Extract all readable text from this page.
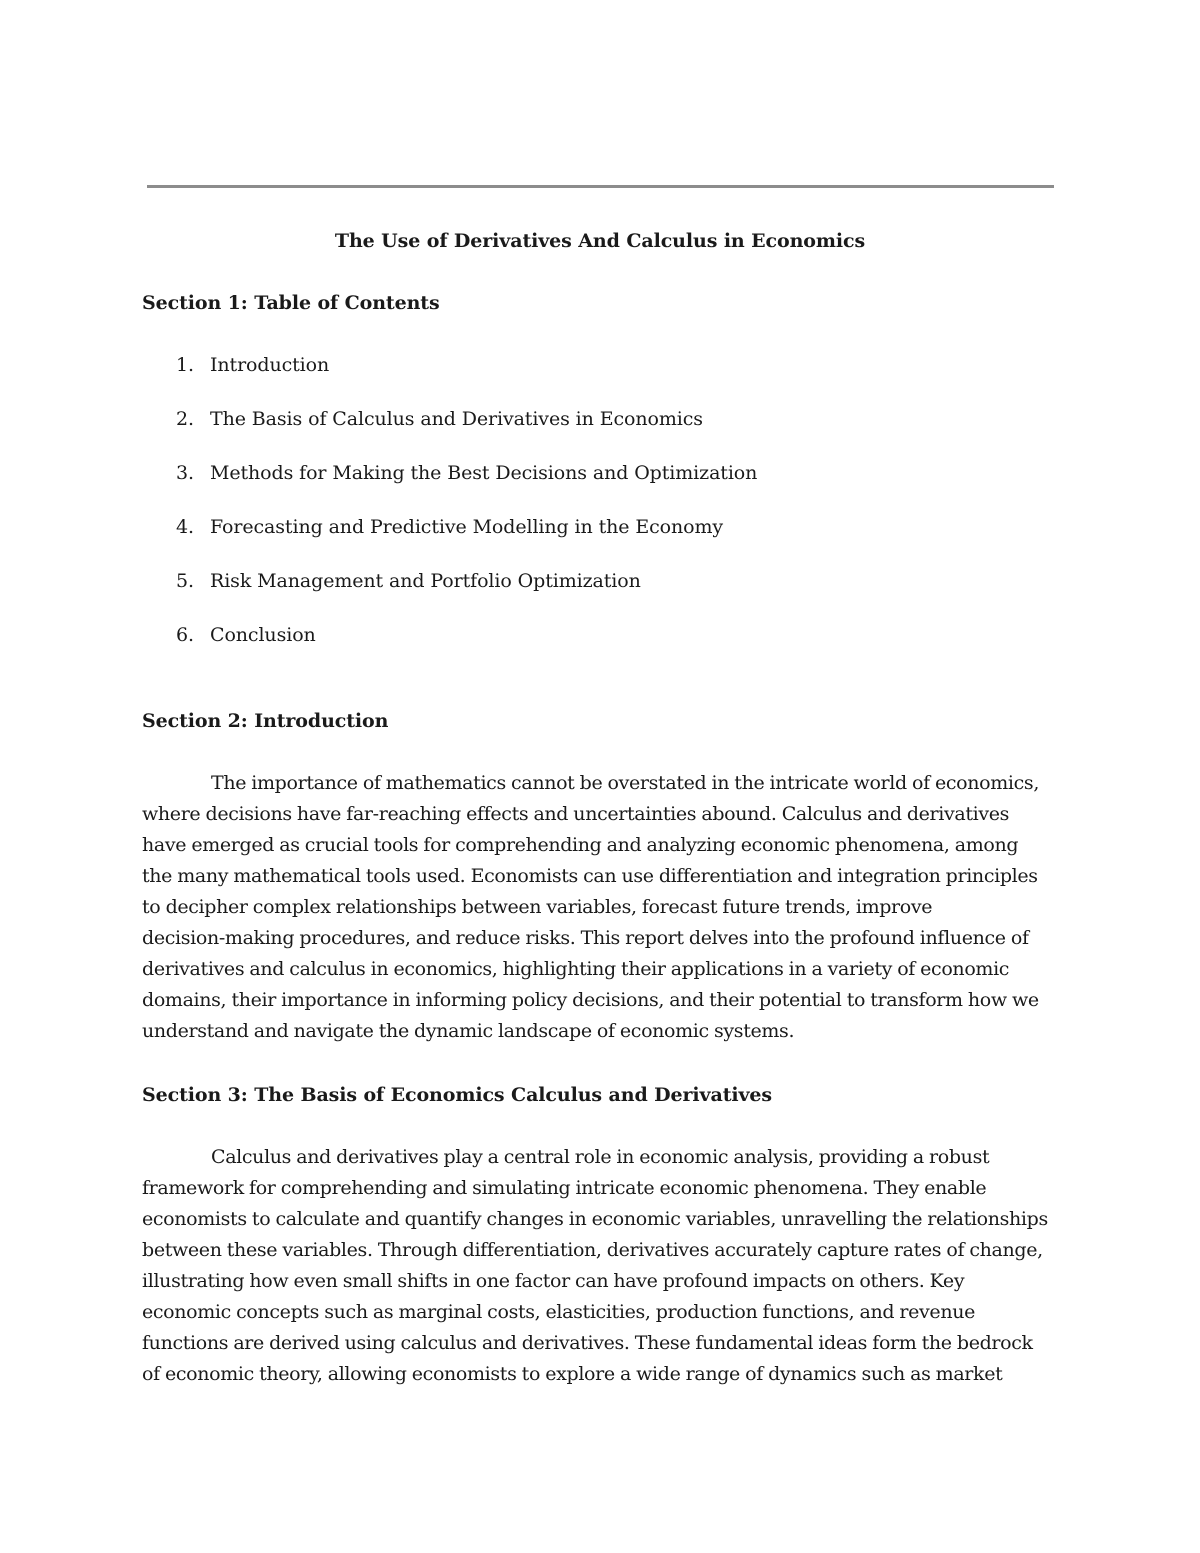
The Use of Derivatives And Calculus in Economics
Section 1: Table of Contents
1. Introduction
2. The Basis of Calculus and Derivatives in Economics
3. Methods for Making the Best Decisions and Optimization
4. Forecasting and Predictive Modelling in the Economy
5. Risk Management and Portfolio Optimization
6. Conclusion
Section 2: Introduction

The importance of mathematics cannot be overstated in the intricate world of economics,
where decisions have far-reaching effects and uncertainties abound. Calculus and derivatives
have emerged as crucial tools for comprehending and analyzing economic phenomena, among
the many mathematical tools used. Economists can use differentiation and integration principles
to decipher complex relationships between variables, forecast future trends, improve
decision-making procedures, and reduce risks. This report delves into the profound influence of
derivatives and calculus in economics, highlighting their applications in a variety of economic
domains, their importance in informing policy decisions, and their potential to transform how we
understand and navigate the dynamic landscape of economic systems.

Section 3: The Basis of Economics Calculus and Derivatives

Calculus and derivatives play a central role in economic analysis, providing a robust
framework for comprehending and simulating intricate economic phenomena. They enable
economists to calculate and quantify changes in economic variables, unravelling the relationships
between these variables. Through differentiation, derivatives accurately capture rates of change,
illustrating how even small shifts in one factor can have profound impacts on others. Key
economic concepts such as marginal costs, elasticities, production functions, and revenue
functions are derived using calculus and derivatives. These fundamental ideas form the bedrock
of economic theory, allowing economists to explore a wide range of dynamics such as market
